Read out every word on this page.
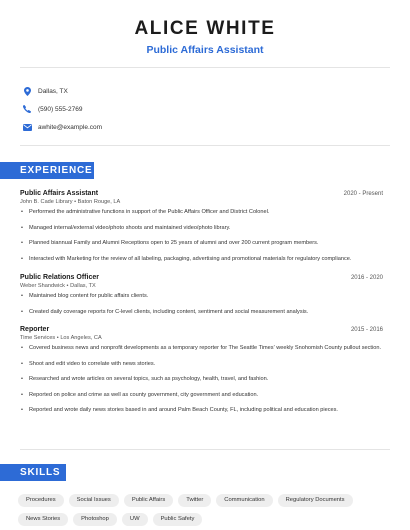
ALICE WHITE
Public Affairs Assistant
Dallas, TX
(590) 555-2769
awhite@example.com
EXPERIENCE
Public Affairs Assistant	2020 - Present
John B. Cade Library • Baton Rouge, LA
• Performed the administrative functions in support of the Public Affairs Officer and District Colonel.
• Managed internal/external video/photo shoots and maintained video/photo library.
• Planned biannual Family and Alumni Receptions open to 25 years of alumni and over 200 current program members.
• Interacted with Marketing for the review of all labeling, packaging, advertising and promotional materials for regulatory compliance.
Public Relations Officer	2016 - 2020
Weber Shandwick • Dallas, TX
• Maintained blog content for public affairs clients.
• Created daily coverage reports for C-level clients, including content, sentiment and social measurement analysis.
Reporter	2015 - 2016
Time Services • Los Angeles, CA
• Covered business news and nonprofit developments as a temporary reporter for The Seattle Times' weekly Snohomish County pullout section.
• Shoot and edit video to correlate with news stories.
• Researched and wrote articles on several topics, such as psychology, health, travel, and fashion.
• Reported on police and crime as well as county government, city government and education.
• Reported and wrote daily news stories based in and around Palm Beach County, FL, including political and education pieces.
SKILLS
Procedures	Social Issues	Public Affairs	Twitter	Communication	Regulatory Documents
News Stories	Photoshop	UW	Public Safety
